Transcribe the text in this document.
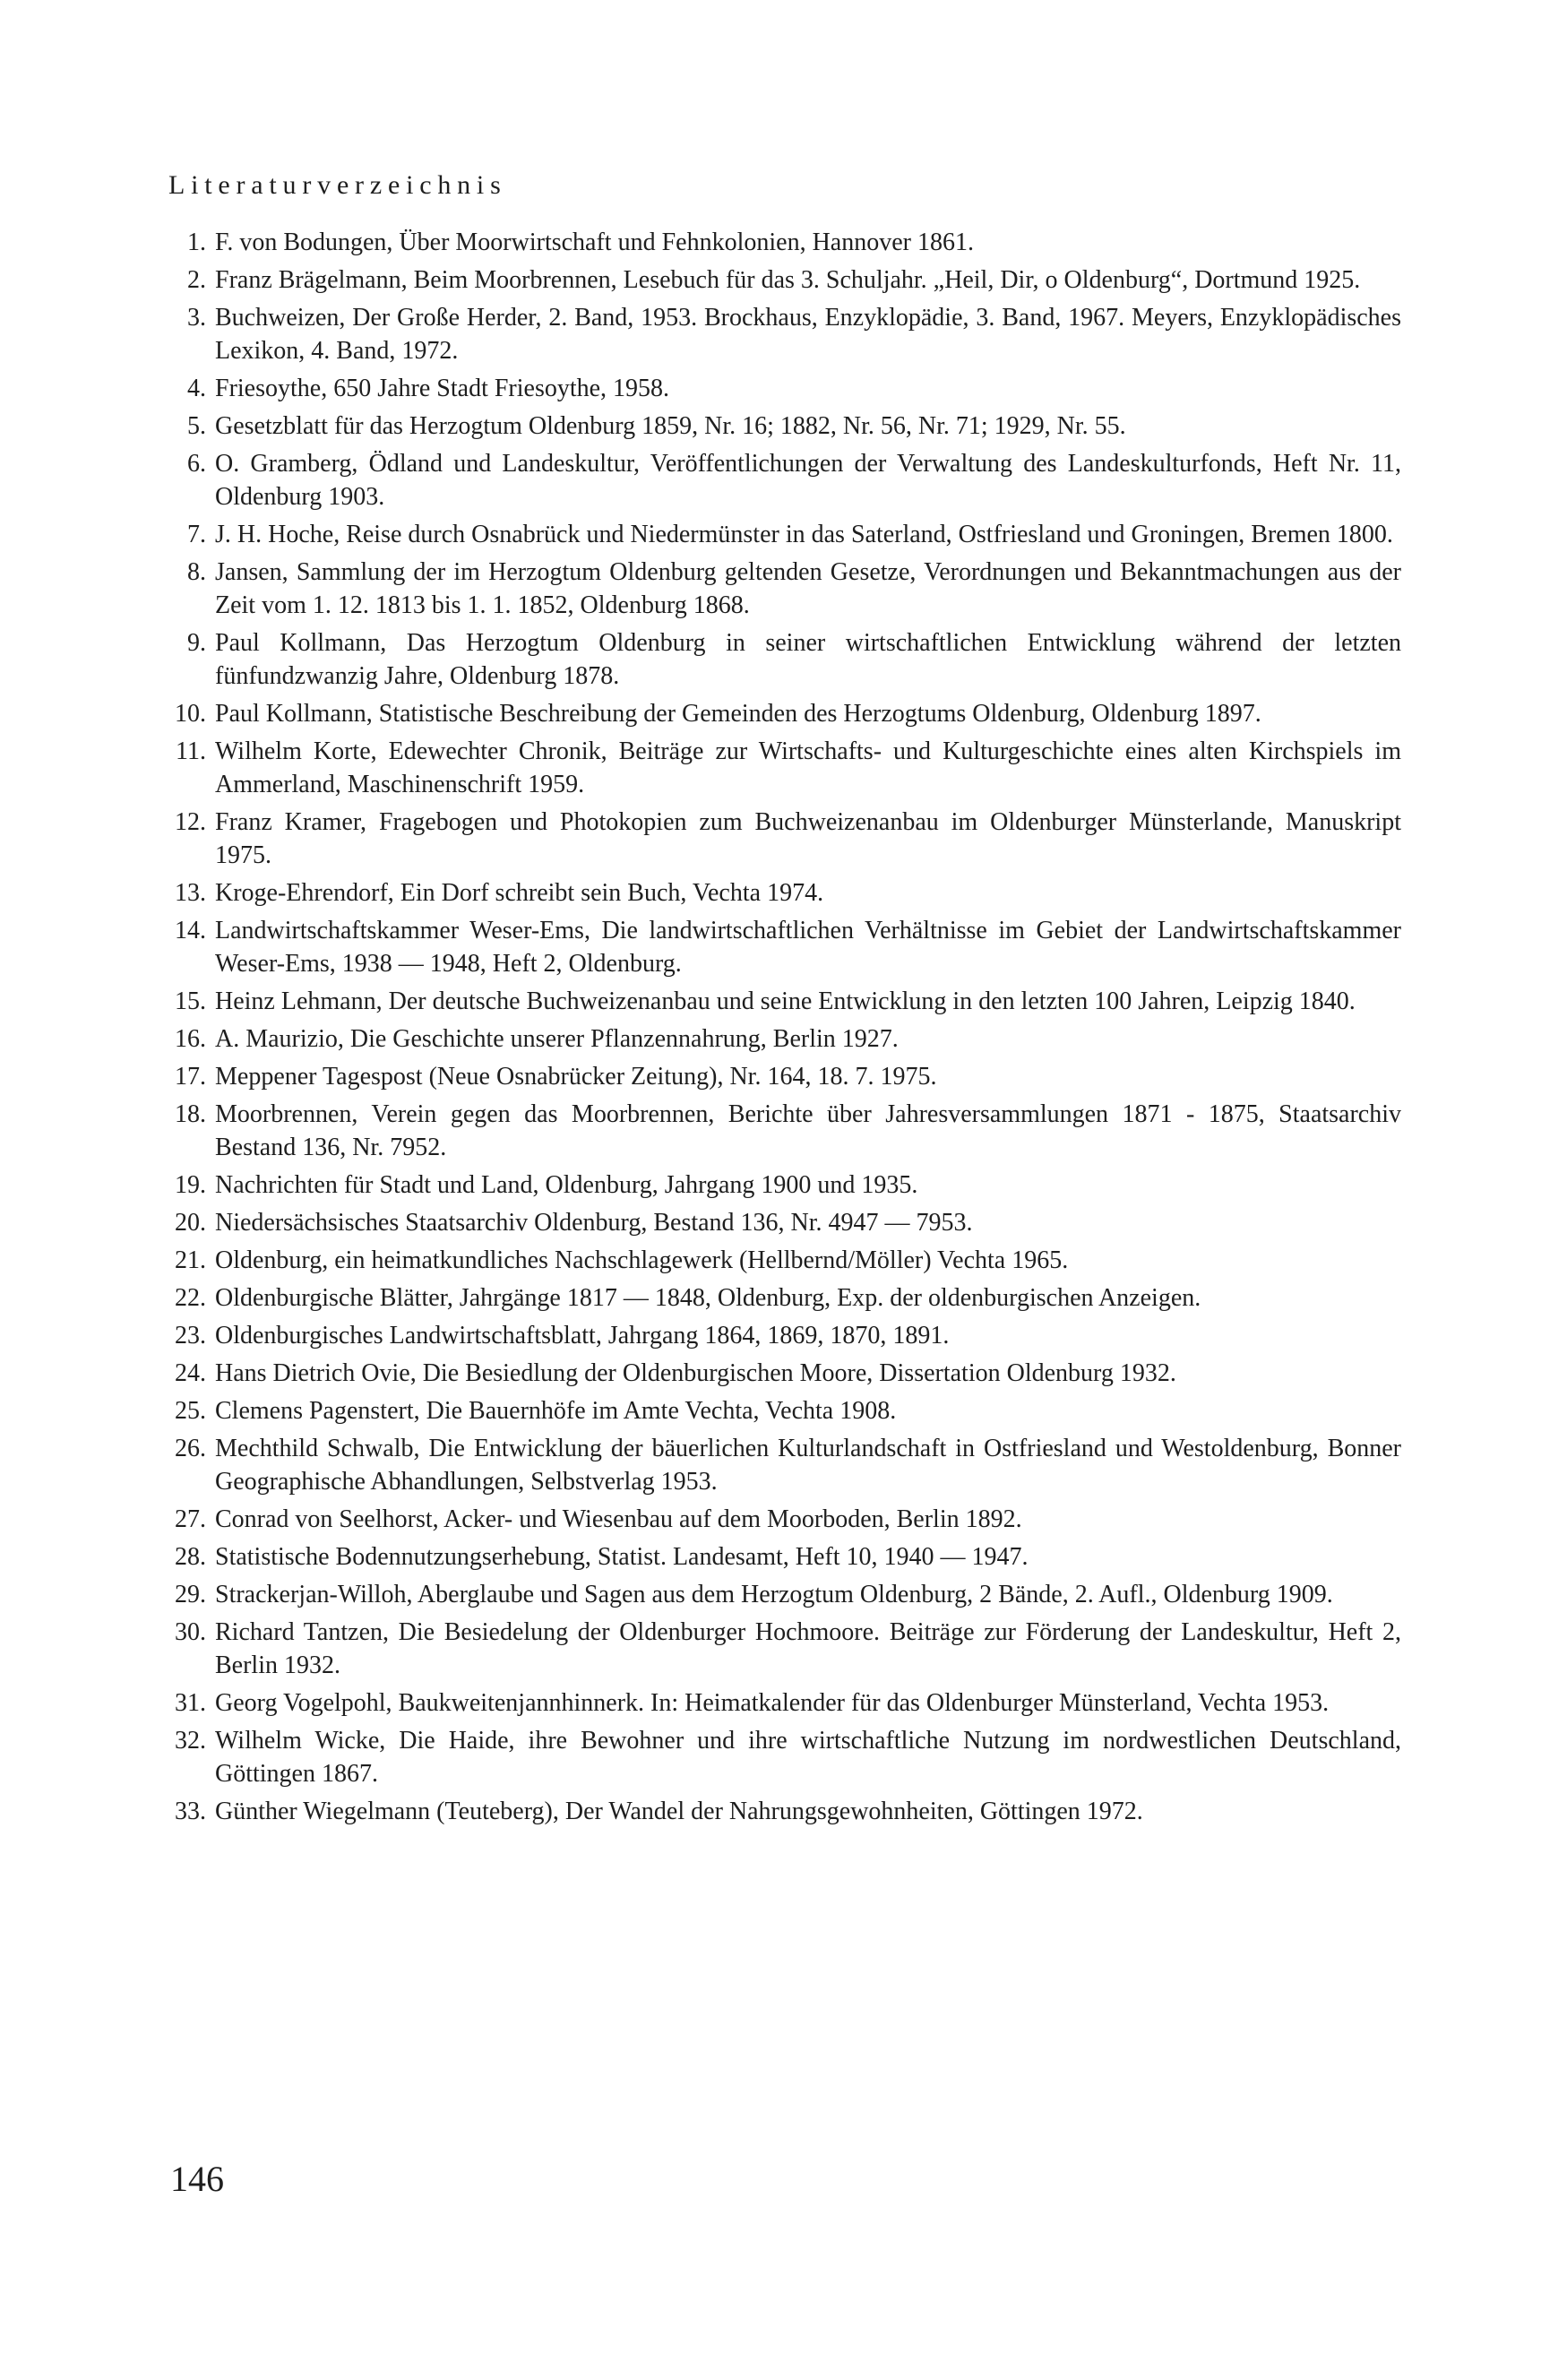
Literaturverzeichnis
1. F. von Bodungen, Über Moorwirtschaft und Fehnkolonien, Hannover 1861.
2. Franz Brägelmann, Beim Moorbrennen, Lesebuch für das 3. Schuljahr. „Heil, Dir, o Oldenburg“, Dortmund 1925.
3. Buchweizen, Der Große Herder, 2. Band, 1953. Brockhaus, Enzyklopädie, 3. Band, 1967. Meyers, Enzyklopädisches Lexikon, 4. Band, 1972.
4. Friesoythe, 650 Jahre Stadt Friesoythe, 1958.
5. Gesetzblatt für das Herzogtum Oldenburg 1859, Nr. 16; 1882, Nr. 56, Nr. 71; 1929, Nr. 55.
6. O. Gramberg, Ödland und Landeskultur, Veröffentlichungen der Verwaltung des Landeskulturfonds, Heft Nr. 11, Oldenburg 1903.
7. J. H. Hoche, Reise durch Osnabrück und Niedermünster in das Saterland, Ostfriesland und Groningen, Bremen 1800.
8. Jansen, Sammlung der im Herzogtum Oldenburg geltenden Gesetze, Verordnungen und Bekanntmachungen aus der Zeit vom 1. 12. 1813 bis 1. 1. 1852, Oldenburg 1868.
9. Paul Kollmann, Das Herzogtum Oldenburg in seiner wirtschaftlichen Entwicklung während der letzten fünfundzwanzig Jahre, Oldenburg 1878.
10. Paul Kollmann, Statistische Beschreibung der Gemeinden des Herzogtums Oldenburg, Oldenburg 1897.
11. Wilhelm Korte, Edewechter Chronik, Beiträge zur Wirtschafts- und Kulturgeschichte eines alten Kirchspiels im Ammerland, Maschinenschrift 1959.
12. Franz Kramer, Fragebogen und Photokopien zum Buchweizenanbau im Oldenburger Münsterlande, Manuskript 1975.
13. Kroge-Ehrendorf, Ein Dorf schreibt sein Buch, Vechta 1974.
14. Landwirtschaftskammer Weser-Ems, Die landwirtschaftlichen Verhältnisse im Gebiet der Landwirtschaftskammer Weser-Ems, 1938 — 1948, Heft 2, Oldenburg.
15. Heinz Lehmann, Der deutsche Buchweizenanbau und seine Entwicklung in den letzten 100 Jahren, Leipzig 1840.
16. A. Maurizio, Die Geschichte unserer Pflanzennahrung, Berlin 1927.
17. Meppener Tagespost (Neue Osnabrücker Zeitung), Nr. 164, 18. 7. 1975.
18. Moorbrennen, Verein gegen das Moorbrennen, Berichte über Jahresversammlungen 1871 - 1875, Staatsarchiv Bestand 136, Nr. 7952.
19. Nachrichten für Stadt und Land, Oldenburg, Jahrgang 1900 und 1935.
20. Niedersächsisches Staatsarchiv Oldenburg, Bestand 136, Nr. 4947 — 7953.
21. Oldenburg, ein heimatkundliches Nachschlagewerk (Hellbernd/Möller) Vechta 1965.
22. Oldenburgische Blätter, Jahrgänge 1817 — 1848, Oldenburg, Exp. der oldenburgischen Anzeigen.
23. Oldenburgisches Landwirtschaftsblatt, Jahrgang 1864, 1869, 1870, 1891.
24. Hans Dietrich Ovie, Die Besiedlung der Oldenburgischen Moore, Dissertation Oldenburg 1932.
25. Clemens Pagenstert, Die Bauernhöfe im Amte Vechta, Vechta 1908.
26. Mechthild Schwalb, Die Entwicklung der bäuerlichen Kulturlandschaft in Ostfriesland und Westoldenburg, Bonner Geographische Abhandlungen, Selbstverlag 1953.
27. Conrad von Seelhorst, Acker- und Wiesenbau auf dem Moorboden, Berlin 1892.
28. Statistische Bodennutzungserhebung, Statist. Landesamt, Heft 10, 1940 — 1947.
29. Strackerjan-Willoh, Aberglaube und Sagen aus dem Herzogtum Oldenburg, 2 Bände, 2. Aufl., Oldenburg 1909.
30. Richard Tantzen, Die Besiedelung der Oldenburger Hochmoore. Beiträge zur Förderung der Landeskultur, Heft 2, Berlin 1932.
31. Georg Vogelpohl, Baukweitenjannhinnerk. In: Heimatkalender für das Oldenburger Münsterland, Vechta 1953.
32. Wilhelm Wicke, Die Haide, ihre Bewohner und ihre wirtschaftliche Nutzung im nordwestlichen Deutschland, Göttingen 1867.
33. Günther Wiegelmann (Teuteberg), Der Wandel der Nahrungsgewohnheiten, Göttingen 1972.
146
